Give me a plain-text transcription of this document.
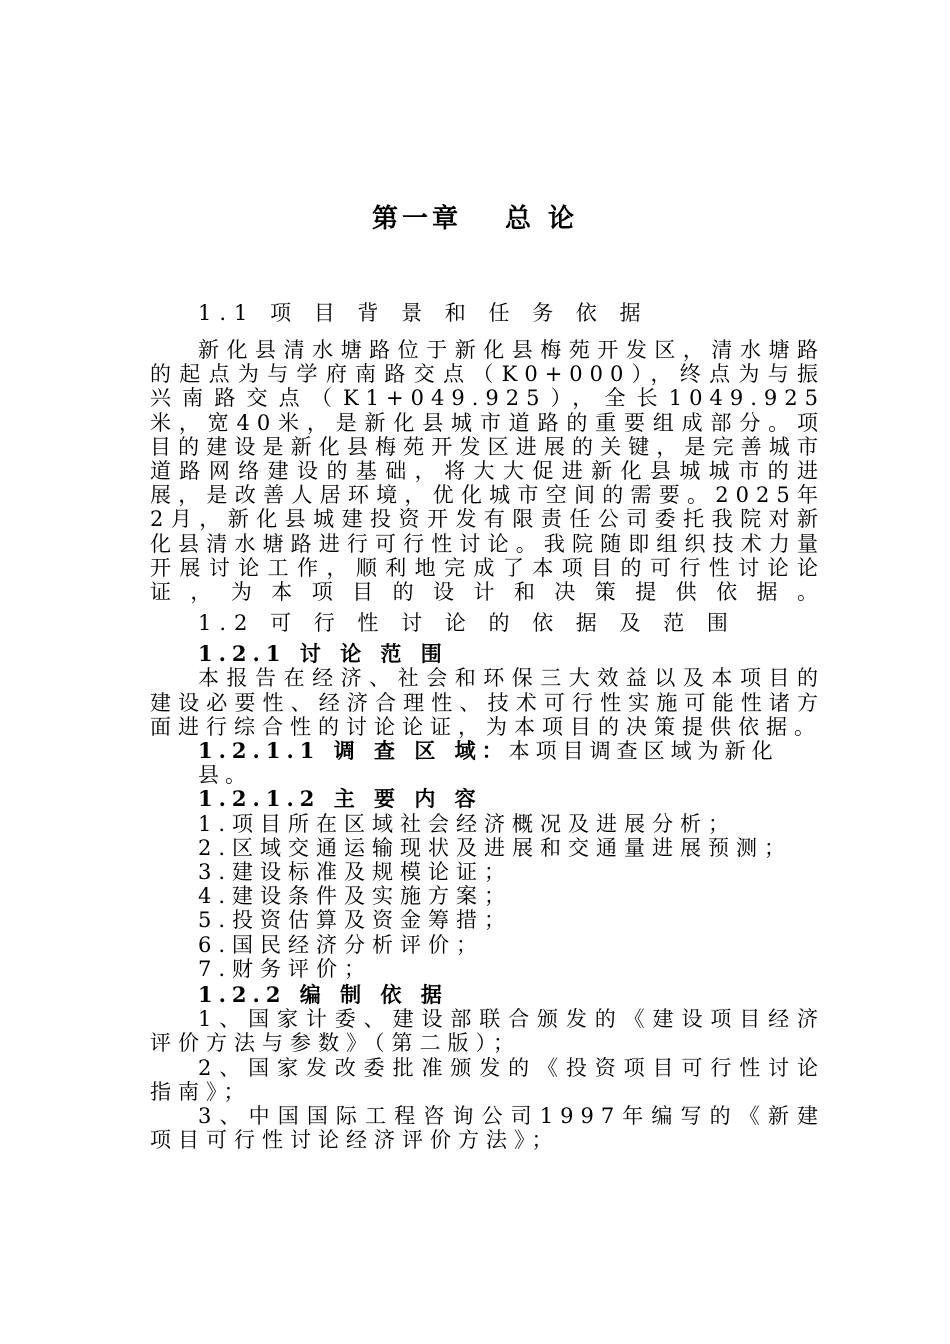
第一章　 总 论
1.1 项 目 背 景 和 任 务 依 据
新化县清水塘路位于新化县梅苑开发区，清水塘路的起点为与学府南路交点（K0+000），终点为与振兴南路交点（K1+049.925），全长1049.925米，宽40米，是新化县城市道路的重要组成部分。项目的建设是新化县梅苑开发区进展的关键，是完善城市道路网络建设的基础，将大大促进新化县城城市的进展，是改善人居环境，优化城市空间的需要。2025年2月，新化县城建投资开发有限责任公司委托我院对新化县清水塘路进行可行性讨论。我院随即组织技术力量开展讨论工作，顺利地完成了本项目的可行性讨论论证，为本项目的设计和决策提供依据。
1.2 可 行 性 讨 论 的 依 据 及 范 围
1.2.1 讨 论 范 围
本报告在经济、社会和环保三大效益以及本项目的建设必要性、经济合理性、技术可行性实施可能性诸方面进行综合性的讨论论证，为本项目的决策提供依据。
1.2.1.1 调 查 区 域：本项目调查区域为新化县。
1.2.1.2 主 要 内 容
1. 项目所在区域社会经济概况及进展分析；
2. 区域交通运输现状及进展和交通量进展预测；
3. 建设标准及规模论证；
4. 建设条件及实施方案；
5. 投资估算及资金筹措；
6. 国民经济分析评价；
7. 财务评价；
1.2.2 编 制 依 据
1、国家计委、建设部联合颁发的《建设项目经济评价方法与参数》（第二版）；
2、国家发改委批准颁发的《投资项目可行性讨论指南》；
3、中国国际工程咨询公司1997年编写的《新建项目可行性讨论经济评价方法》；
